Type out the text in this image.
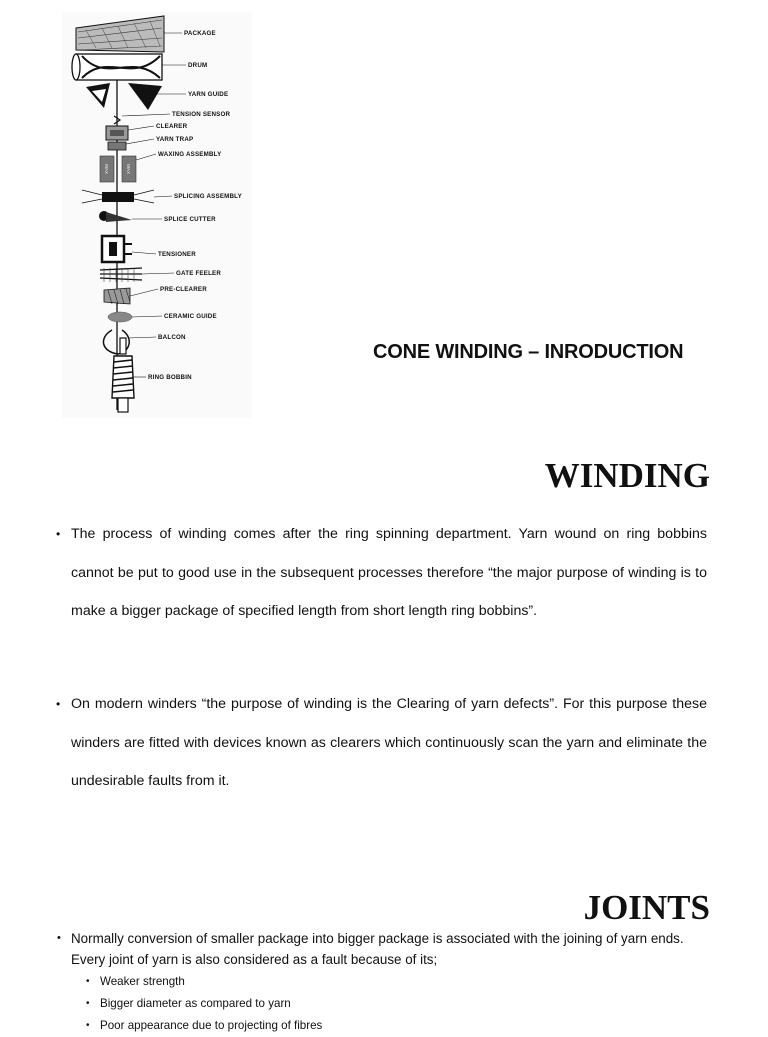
WAX	WAX
PACKAGE
DRUM
YARN GUIDE
TENSION SENSOR
CLEARER
YARN TRAP
WAXING ASSEMBLY
SPLICING ASSEMBLY
SPLICE CUTTER
TENSIONER
GATE FEELER
PRE-CLEARER
CERAMIC GUIDE
BALCON
RING BOBBIN
CONE WINDING – INRODUCTION
WINDING
• The process of winding comes after the ring spinning department. Yarn wound on ring bobbins cannot be put to good use in the subsequent processes therefore “the major purpose of winding is to make a bigger package of specified length from short length ring bobbins”.
• On modern winders “the purpose of winding is the Clearing of yarn defects”. For this purpose these winders are fitted with devices known as clearers which continuously scan the yarn and eliminate the undesirable faults from it.
JOINTS
• Normally conversion of smaller package into bigger package is associated with the joining of yarn ends. Every joint of yarn is also considered as a fault because of its;
• Weaker strength
• Bigger diameter as compared to yarn
• Poor appearance due to projecting of fibres
